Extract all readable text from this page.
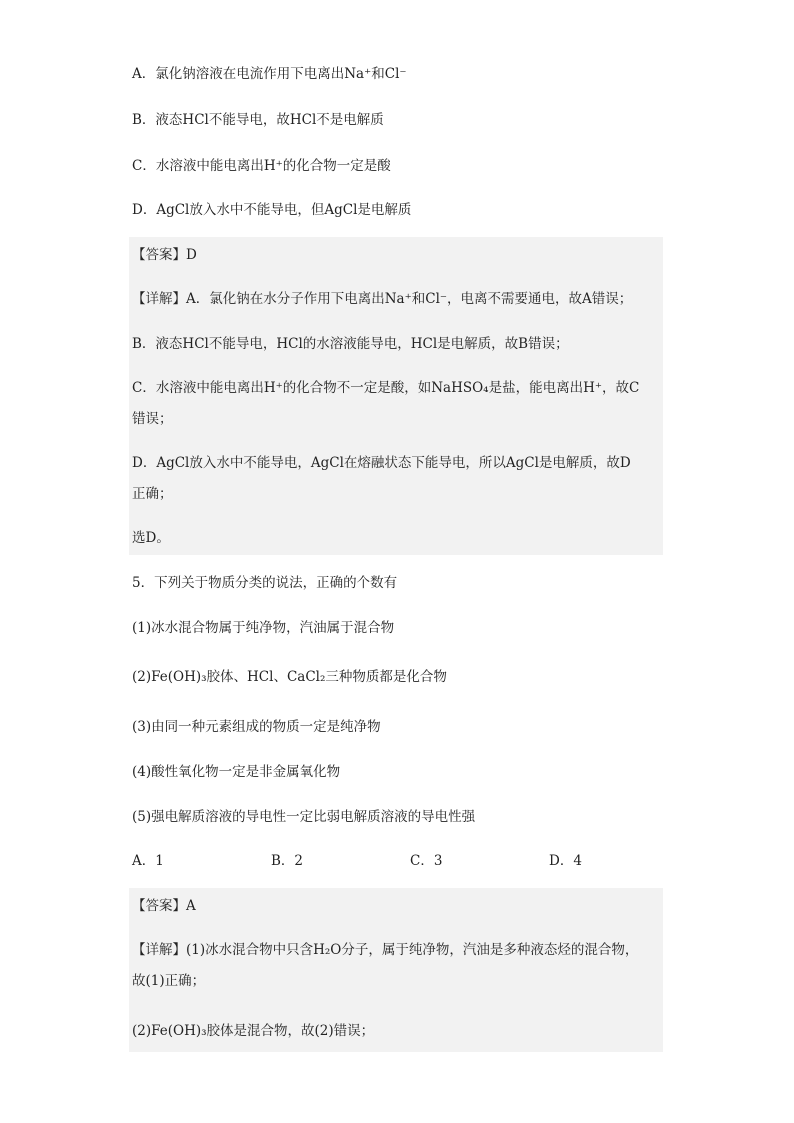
A．氯化钠溶液在电流作用下电离出Na⁺和Cl⁻
B．液态HCl不能导电，故HCl不是电解质
C．水溶液中能电离出H⁺的化合物一定是酸
D．AgCl放入水中不能导电，但AgCl是电解质
【答案】D
【详解】A．氯化钠在水分子作用下电离出Na⁺和Cl⁻，电离不需要通电，故A错误；
B．液态HCl不能导电，HCl的水溶液能导电，HCl是电解质，故B错误；
C．水溶液中能电离出H⁺的化合物不一定是酸，如NaHSO₄是盐，能电离出H⁺，故C
错误；
D．AgCl放入水中不能导电，AgCl在熔融状态下能导电，所以AgCl是电解质，故D
正确；
选D。
5．下列关于物质分类的说法，正确的个数有
(1)冰水混合物属于纯净物，汽油属于混合物
(2)Fe(OH)₃胶体、HCl、CaCl₂三种物质都是化合物
(3)由同一种元素组成的物质一定是纯净物
(4)酸性氧化物一定是非金属氧化物
(5)强电解质溶液的导电性一定比弱电解质溶液的导电性强
A．1	B．2	C．3	D．4
【答案】A
【详解】(1)冰水混合物中只含H₂O分子，属于纯净物，汽油是多种液态烃的混合物，
故(1)正确；
(2)Fe(OH)₃胶体是混合物，故(2)错误；
